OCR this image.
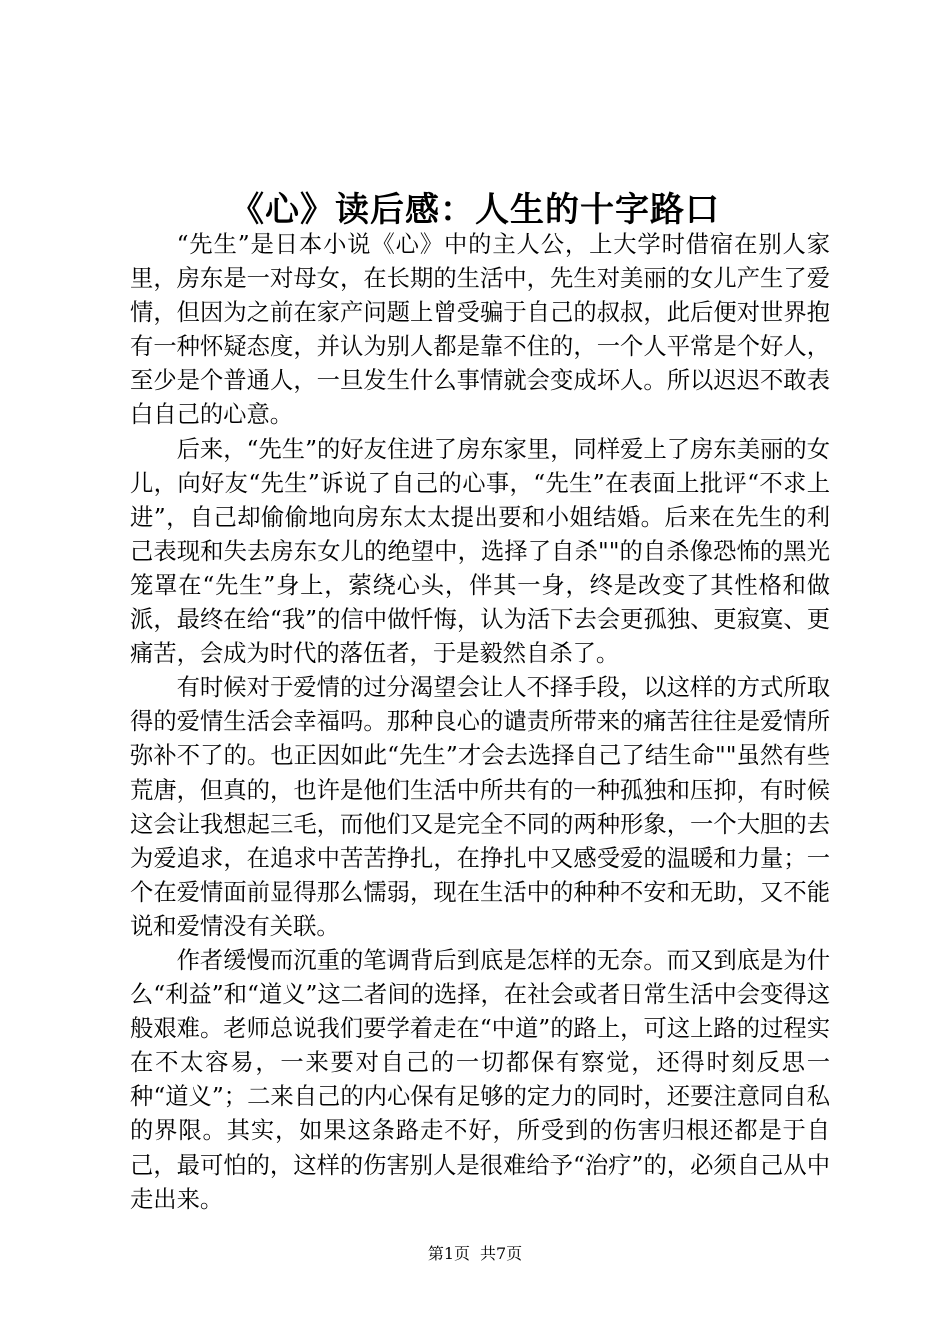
《心》读后感：人生的十字路口

“先生”是日本小说《心》中的主人公，上大学时借宿在别人家里，房东是一对母女，在长期的生活中，先生对美丽的女儿产生了爱情，但因为之前在家产问题上曾受骗于自己的叔叔，此后便对世界抱有一种怀疑态度，并认为别人都是靠不住的，一个人平常是个好人，至少是个普通人，一旦发生什么事情就会变成坏人。所以迟迟不敢表白自己的心意。

后来，“先生”的好友住进了房东家里，同样爱上了房东美丽的女儿，向好友“先生”诉说了自己的心事，“先生”在表面上批评“不求上进”，自己却偷偷地向房东太太提出要和小姐结婚。后来在先生的利己表现和失去房东女儿的绝望中，选择了自杀""的自杀像恐怖的黑光笼罩在“先生”身上，萦绕心头，伴其一身，终是改变了其性格和做派，最终在给“我”的信中做忏悔，认为活下去会更孤独、更寂寞、更痛苦，会成为时代的落伍者，于是毅然自杀了。

有时候对于爱情的过分渴望会让人不择手段，以这样的方式所取得的爱情生活会幸福吗。那种良心的谴责所带来的痛苦往往是爱情所弥补不了的。也正因如此“先生”才会去选择自己了结生命""虽然有些荒唐，但真的，也许是他们生活中所共有的一种孤独和压抑，有时候这会让我想起三毛，而他们又是完全不同的两种形象，一个大胆的去为爱追求，在追求中苦苦挣扎，在挣扎中又感受爱的温暖和力量；一个在爱情面前显得那么懦弱，现在生活中的种种不安和无助，又不能说和爱情没有关联。

作者缓慢而沉重的笔调背后到底是怎样的无奈。而又到底是为什么“利益”和“道义”这二者间的选择，在社会或者日常生活中会变得这般艰难。老师总说我们要学着走在“中道”的路上，可这上路的过程实在不太容易，一来要对自己的一切都保有察觉，还得时刻反思一种“道义”；二来自己的内心保有足够的定力的同时，还要注意同自私的界限。其实，如果这条路走不好，所受到的伤害归根还都是于自己，最可怕的，这样的伤害别人是很难给予“治疗”的，必须自己从中走出来。

第1页 共7页
